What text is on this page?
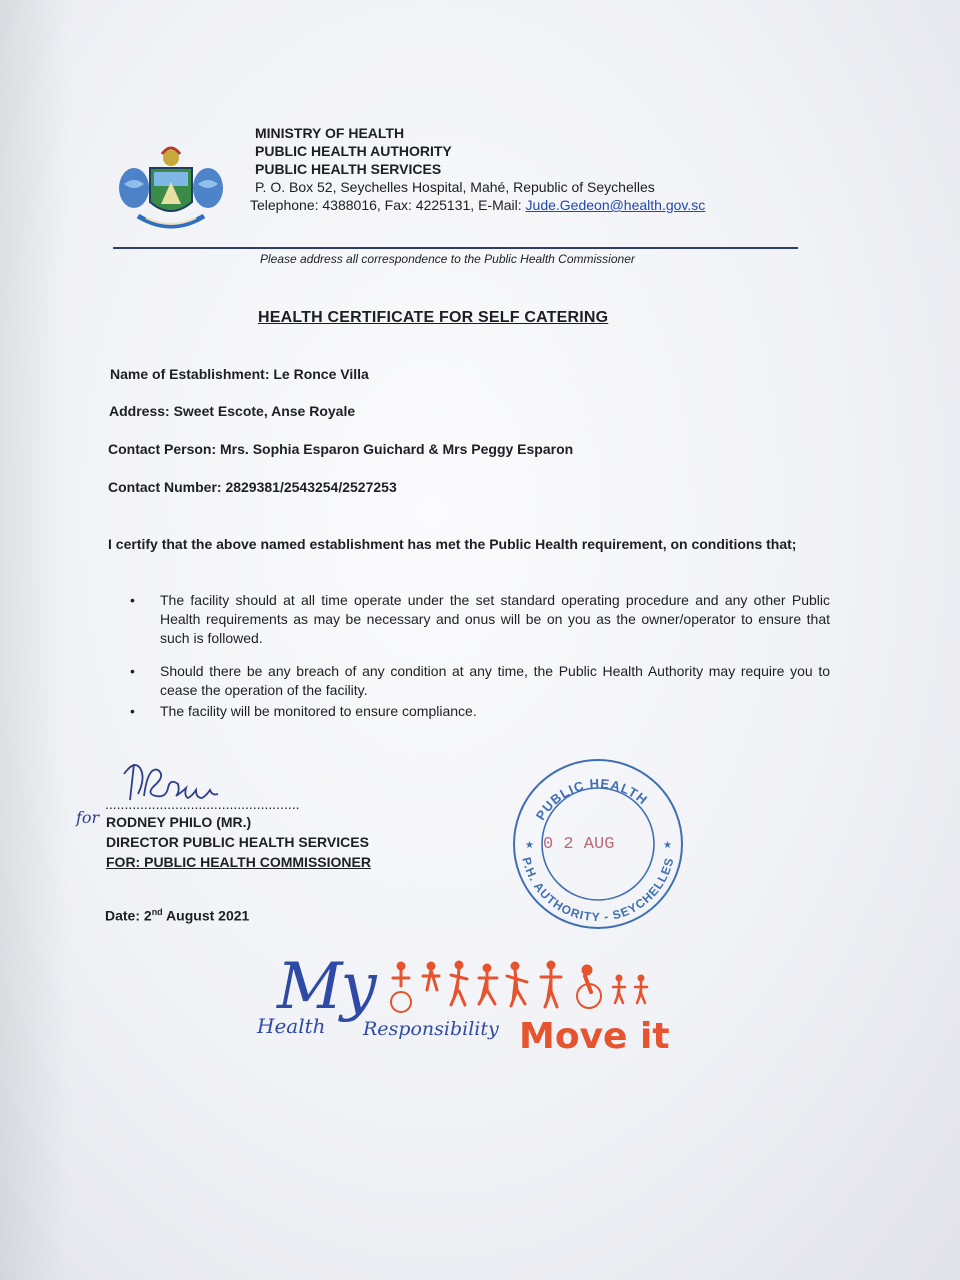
MINISTRY OF HEALTH
PUBLIC HEALTH AUTHORITY
PUBLIC HEALTH SERVICES
P. O. Box 52, Seychelles Hospital, Mahé, Republic of Seychelles
Telephone: 4388016, Fax: 4225131, E-Mail: Jude.Gedeon@health.gov.sc
Please address all correspondence to the Public Health Commissioner
HEALTH CERTIFICATE FOR SELF CATERING
Name of Establishment: Le Ronce Villa
Address: Sweet Escote, Anse Royale
Contact Person: Mrs. Sophia Esparon Guichard & Mrs Peggy Esparon
Contact Number: 2829381/2543254/2527253
I certify that the above named establishment has met the Public Health requirement, on conditions that;
•	The facility should at all time operate under the set standard operating procedure and any other Public Health requirements as may be necessary and onus will be on you as the owner/operator to ensure that such is followed.
•	Should there be any breach of any condition at any time, the Public Health Authority may require you to cease the operation of the facility.
•	The facility will be monitored to ensure compliance.
..................................................
for RODNEY PHILO (MR.)
DIRECTOR PUBLIC HEALTH SERVICES
FOR: PUBLIC HEALTH COMMISSIONER
Date: 2nd August 2021
PUBLIC HEALTH
P.H. AUTHORITY - SEYCHELLES
★	★
0 2 AUG
My
Health Responsibility Move it
